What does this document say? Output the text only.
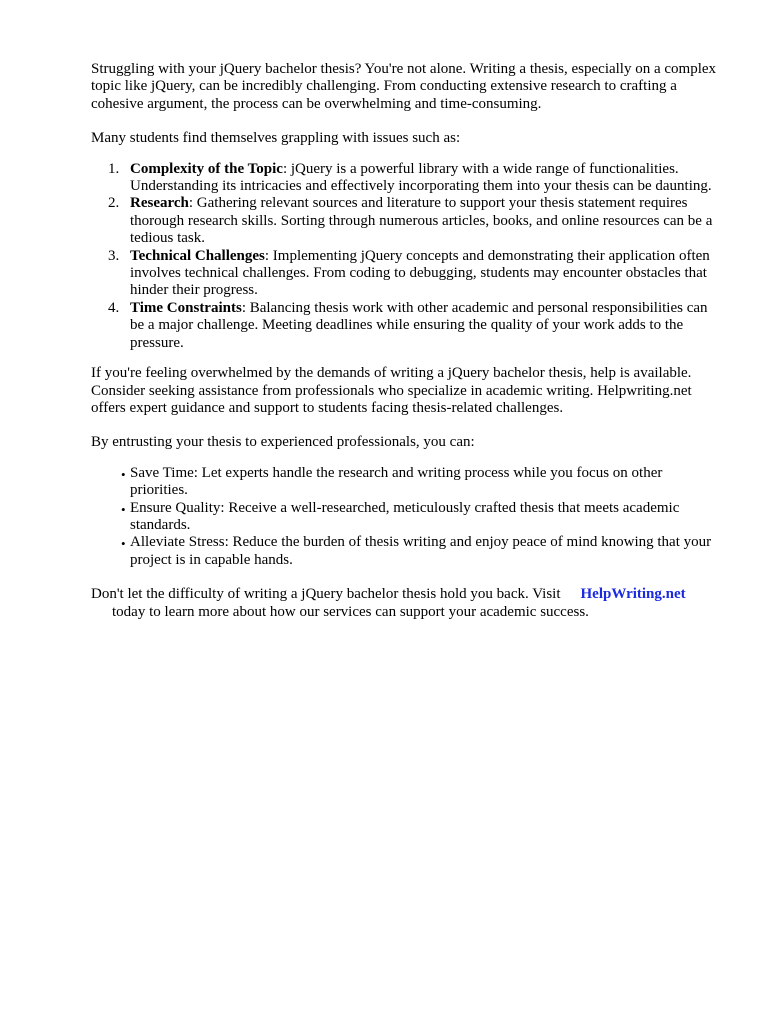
Struggling with your jQuery bachelor thesis? You're not alone. Writing a thesis, especially on a complex topic like jQuery, can be incredibly challenging. From conducting extensive research to crafting a cohesive argument, the process can be overwhelming and time-consuming.

Many students find themselves grappling with issues such as:

1. Complexity of the Topic: jQuery is a powerful library with a wide range of functionalities. Understanding its intricacies and effectively incorporating them into your thesis can be daunting.
2. Research: Gathering relevant sources and literature to support your thesis statement requires thorough research skills. Sorting through numerous articles, books, and online resources can be a tedious task.
3. Technical Challenges: Implementing jQuery concepts and demonstrating their application often involves technical challenges. From coding to debugging, students may encounter obstacles that hinder their progress.
4. Time Constraints: Balancing thesis work with other academic and personal responsibilities can be a major challenge. Meeting deadlines while ensuring the quality of your work adds to the pressure.

If you're feeling overwhelmed by the demands of writing a jQuery bachelor thesis, help is available. Consider seeking assistance from professionals who specialize in academic writing. Helpwriting.net offers expert guidance and support to students facing thesis-related challenges.

By entrusting your thesis to experienced professionals, you can:

• Save Time: Let experts handle the research and writing process while you focus on other priorities.
• Ensure Quality: Receive a well-researched, meticulously crafted thesis that meets academic standards.
• Alleviate Stress: Reduce the burden of thesis writing and enjoy peace of mind knowing that your project is in capable hands.

Don't let the difficulty of writing a jQuery bachelor thesis hold you back. Visit HelpWriting.net
today to learn more about how our services can support your academic success.
